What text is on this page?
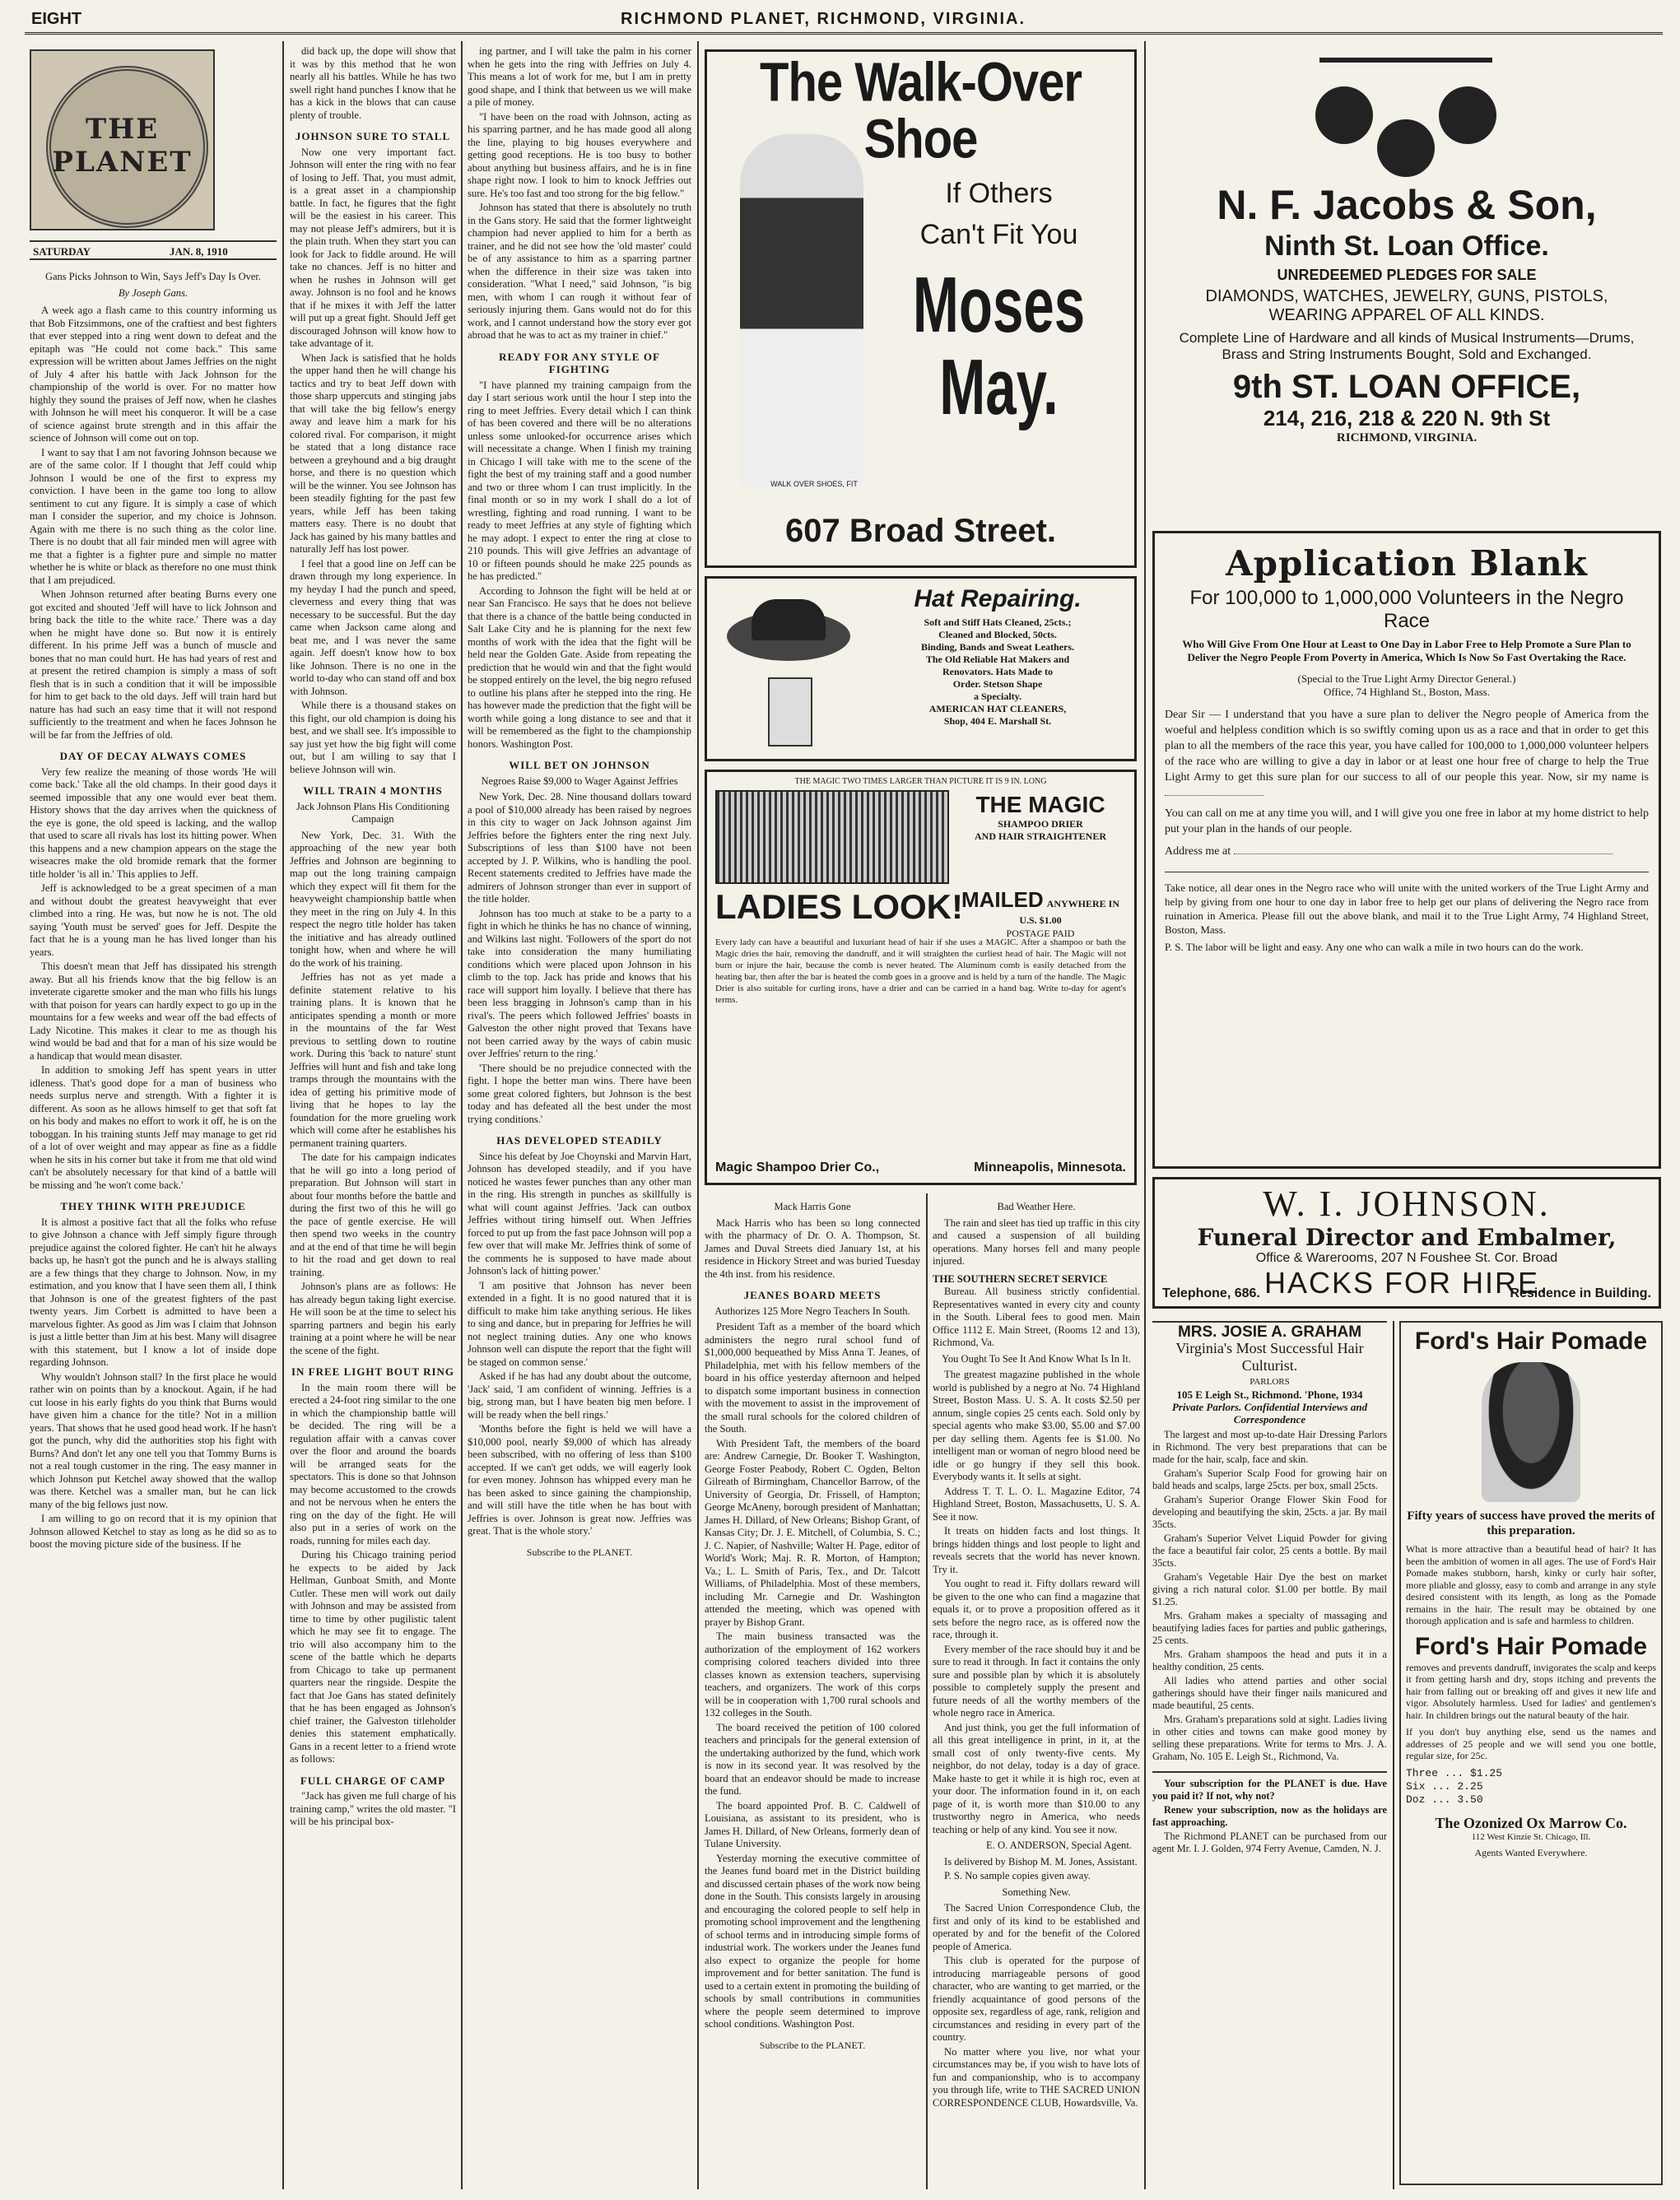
EIGHT	RICHMOND PLANET, RICHMOND, VIRGINIA.
THE PLANET
SATURDAY	JAN. 8, 1910
Gans Picks Johnson to Win, Says Jeff's Day Is Over.
By Joseph Gans.

A week ago a flash came to this country informing us that Bob Fitzsimmons, one of the craftiest and best fighters that ever stepped into a ring went down to defeat and the epitaph was "He could not come back." This same expression will be written about James Jeffries on the night of July 4 after his battle with Jack Johnson for the championship of the world is over. For no matter how highly they sound the praises of Jeff now, when he clashes with Johnson he will meet his conqueror. It will be a case of science against brute strength and in this affair the science of Johnson will come out on top.

I want to say that I am not favoring Johnson because we are of the same color. If I thought that Jeff could whip Johnson I would be one of the first to express my conviction. I have been in the game too long to allow sentiment to cut any figure. It is simply a case of which man I consider the superior, and my choice is Johnson. Again with me there is no such thing as the color line. There is no doubt that all fair minded men will agree with me that a fighter is a fighter pure and simple no matter whether he is white or black as therefore no one must think that I am prejudiced.

When Johnson returned after beating Burns every one got excited and shouted 'Jeff will have to lick Johnson and bring back the title to the white race.' There was a day when he might have done so. But now it is entirely different. In his prime Jeff was a bunch of muscle and bones that no man could hurt. He has had years of rest and at present the retired champion is simply a mass of soft flesh that is in such a condition that it will be impossible for him to get back to the old days. Jeff will train hard but nature has had such an easy time that it will not respond sufficiently to the treatment and when he faces Johnson he will be far from the Jeffries of old.

DAY OF DECAY ALWAYS COMES

Very few realize the meaning of those words 'He will come back.' Take all the old champs. In their good days it seemed impossible that any one would ever beat them. History shows that the day arrives when the quickness of the eye is gone, the old speed is lacking, and the wallop that used to scare all rivals has lost its hitting power. When this happens and a new champion appears on the stage the wiseacres make the old bromide remark that the former title holder 'is all in.' This applies to Jeff.

Jeff is acknowledged to be a great specimen of a man and without doubt the greatest heavyweight that ever climbed into a ring. He was, but now he is not. The old saying 'Youth must be served' goes for Jeff. Despite the fact that he is a young man he has lived longer than his years.

This doesn't mean that Jeff has dissipated his strength away. But all his friends know that the big fellow is an inveterate cigarette smoker and the man who fills his lungs with that poison for years can hardly expect to go up in the mountains for a few weeks and wear off the bad effects of Lady Nicotine. This makes it clear to me as though his wind would be bad and that for a man of his size would be a handicap that would mean disaster.

In addition to smoking Jeff has spent years in utter idleness. That's good dope for a man of business who needs surplus nerve and strength. With a fighter it is different. As soon as he allows himself to get that soft fat on his body and makes no effort to work it off, he is on the toboggan. In his training stunts Jeff may manage to get rid of a lot of over weight and may appear as fine as a fiddle when he sits in his corner but take it from me that old wind can't be absolutely necessary for that kind of a battle will be missing and 'he won't come back.'

THEY THINK WITH PREJUDICE

It is almost a positive fact that all the folks who refuse to give Johnson a chance with Jeff simply figure through prejudice against the colored fighter. He can't hit he always backs up, he hasn't got the punch and he is always stalling are a few things that they charge to Johnson. Now, in my estimation, and you know that I have seen them all, I think that Johnson is one of the greatest fighters of the past twenty years. Jim Corbett is admitted to have been a marvelous fighter. As good as Jim was I claim that Johnson is just a little better than Jim at his best. Many will disagree with this statement, but I know a lot of inside dope regarding Johnson.

Why wouldn't Johnson stall? In the first place he would rather win on points than by a knockout. Again, if he had cut loose in his early fights do you think that Burns would have given him a chance for the title? Not in a million years. That shows that he used good head work. If he hasn't got the punch, why did the authorities stop his fight with Burns? And don't let any one tell you that Tommy Burns is not a real tough customer in the ring. The easy manner in which Johnson put Ketchel away showed that the wallop was there. Ketchel was a smaller man, but he can lick many of the big fellows just now.

I am willing to go on record that it is my opinion that Johnson allowed Ketchel to stay as long as he did so as to boost the moving picture side of the business. If he

did back up, the dope will show that it was by this method that he won nearly all his battles. While he has two swell right hand punches I know that he has a kick in the blows that can cause plenty of trouble.

JOHNSON SURE TO STALL

Now one very important fact. Johnson will enter the ring with no fear of losing to Jeff. That, you must admit, is a great asset in a championship battle. In fact, he figures that the fight will be the easiest in his career. This may not please Jeff's admirers, but it is the plain truth. When they start you can look for Jack to fiddle around. He will take no chances. Jeff is no hitter and when he rushes in Johnson will get away. Johnson is no fool and he knows that if he mixes it with Jeff the latter will put up a great fight. Should Jeff get discouraged Johnson will know how to take advantage of it.

When Jack is satisfied that he holds the upper hand then he will change his tactics and try to beat Jeff down with those sharp uppercuts and stinging jabs that will take the big fellow's energy away and leave him a mark for his colored rival. For comparison, it might be stated that a long distance race between a greyhound and a big draught horse, and there is no question which will be the winner. You see Johnson has been steadily fighting for the past few years, while Jeff has been taking matters easy. There is no doubt that Jack has gained by his many battles and naturally Jeff has lost power.

I feel that a good line on Jeff can be drawn through my long experience. In my heyday I had the punch and speed, cleverness and every thing that was necessary to be successful. But the day came when Jackson came along and beat me, and I was never the same again. Jeff doesn't know how to box like Johnson. There is no one in the world to-day who can stand off and box with Johnson.

While there is a thousand stakes on this fight, our old champion is doing his best, and we shall see. It's impossible to say just yet how the big fight will come out, but I am willing to say that I believe Johnson will win.

WILL TRAIN 4 MONTHS
Jack Johnson Plans His Conditioning Campaign

New York, Dec. 31. With the approaching of the new year both Jeffries and Johnson are beginning to map out the long training campaign which they expect will fit them for the heavyweight championship battle when they meet in the ring on July 4. In this respect the negro title holder has taken the initiative and has already outlined tonight how, when and where he will do the work of his training.

Jeffries has not as yet made a definite statement relative to his training plans. It is known that he anticipates spending a month or more in the mountains of the far West previous to settling down to routine work. During this 'back to nature' stunt Jeffries will hunt and fish and take long tramps through the mountains with the idea of getting his primitive mode of living that he hopes to lay the foundation for the more grueling work which will come after he establishes his permanent training quarters.

The date for his campaign indicates that he will go into a long period of preparation. But Johnson will start in about four months before the battle and during the first two of this he will go the pace of gentle exercise. He will then spend two weeks in the country and at the end of that time he will begin to hit the road and get down to real training.

Johnson's plans are as follows: He has already begun taking light exercise. He will soon be at the time to select his sparring partners and begin his early training at a point where he will be near the scene of the fight.

IN FREE LIGHT BOUT RING

In the main room there will be erected a 24-foot ring similar to the one in which the championship battle will be decided. The ring will be a regulation affair with a canvas cover over the floor and around the boards will be arranged seats for the spectators. This is done so that Johnson may become accustomed to the crowds and not be nervous when he enters the ring on the day of the fight. He will also put in a series of work on the roads, running for miles each day.

During his Chicago training period he expects to be aided by Jack Hellman, Gunboat Smith, and Monte Cutler. These men will work out daily with Johnson and may be assisted from time to time by other pugilistic talent which he may see fit to engage. The trio will also accompany him to the scene of the battle which he departs from Chicago to take up permanent quarters near the ringside. Despite the fact that Joe Gans has stated definitely that he has been engaged as Johnson's chief trainer, the Galveston titleholder denies this statement emphatically. Gans in a recent letter to a friend wrote as follows:

FULL CHARGE OF CAMP

"Jack has given me full charge of his training camp," writes the old master. "I will be his principal box-

ing partner, and I will take the palm in his corner when he gets into the ring with Jeffries on July 4. This means a lot of work for me, but I am in pretty good shape, and I think that between us we will make a pile of money.

"I have been on the road with Johnson, acting as his sparring partner, and he has made good all along the line, playing to big houses everywhere and getting good receptions. He is too busy to bother about anything but business affairs, and he is in fine shape right now. I look to him to knock Jeffries out sure. He's too fast and too strong for the big fellow."

Johnson has stated that there is absolutely no truth in the Gans story. He said that the former lightweight champion had never applied to him for a berth as trainer, and he did not see how the 'old master' could be of any assistance to him as a sparring partner when the difference in their size was taken into consideration. "What I need," said Johnson, "is big men, with whom I can rough it without fear of seriously injuring them. Gans would not do for this work, and I cannot understand how the story ever got abroad that he was to act as my trainer in chief."

READY FOR ANY STYLE OF FIGHTING

"I have planned my training campaign from the day I start serious work until the hour I step into the ring to meet Jeffries. Every detail which I can think of has been covered and there will be no alterations unless some unlooked-for occurrence arises which will necessitate a change. When I finish my training in Chicago I will take with me to the scene of the fight the best of my training staff and a good number and two or three whom I can trust implicitly. In the final month or so in my work I shall do a lot of wrestling, fighting and road running. I want to be ready to meet Jeffries at any style of fighting which he may adopt. I expect to enter the ring at close to 210 pounds. This will give Jeffries an advantage of 10 or fifteen pounds should he make 225 pounds as he has predicted."

According to Johnson the fight will be held at or near San Francisco. He says that he does not believe that there is a chance of the battle being conducted in Salt Lake City and he is planning for the next few months of work with the idea that the fight will be held near the Golden Gate. Aside from repeating the prediction that he would win and that the fight would be stopped entirely on the level, the big negro refused to outline his plans after he stepped into the ring. He has however made the prediction that the fight will be worth while going a long distance to see and that it will be remembered as the fight to the championship honors. Washington Post.

WILL BET ON JOHNSON
Negroes Raise $9,000 to Wager Against Jeffries

New York, Dec. 28. Nine thousand dollars toward a pool of $10,000 already has been raised by negroes in this city to wager on Jack Johnson against Jim Jeffries before the fighters enter the ring next July. Subscriptions of less than $100 have not been accepted by J. P. Wilkins, who is handling the pool. Recent statements credited to Jeffries have made the admirers of Johnson stronger than ever in support of the title holder.

Johnson has too much at stake to be a party to a fight in which he thinks he has no chance of winning, and Wilkins last night. 'Followers of the sport do not take into consideration the many humiliating conditions which were placed upon Johnson in his climb to the top. Jack has pride and knows that his race will support him loyally. I believe that there has been less bragging in Johnson's camp than in his rival's. The peers which followed Jeffries' boasts in Galveston the other night proved that Texans have not been carried away by the ways of cabin music over Jeffries' return to the ring.'

'There should be no prejudice connected with the fight. I hope the better man wins. There have been some great colored fighters, but Johnson is the best today and has defeated all the best under the most trying conditions.'

HAS DEVELOPED STEADILY

Since his defeat by Joe Choynski and Marvin Hart, Johnson has developed steadily, and if you have noticed he wastes fewer punches than any other man in the ring. His strength in punches as skillfully is what will count against Jeffries. 'Jack can outbox Jeffries without tiring himself out. When Jeffries forced to put up from the fast pace Johnson will pop a few over that will make Mr. Jeffries think of some of the comments he is supposed to have made about Johnson's lack of hitting power.'

'I am positive that Johnson has never been extended in a fight. It is no good natured that it is difficult to make him take anything serious. He likes to sing and dance, but in preparing for Jeffries he will not neglect training duties. Any one who knows Johnson well can dispute the report that the fight will be staged on common sense.'

Asked if he has had any doubt about the outcome, 'Jack' said, 'I am confident of winning. Jeffries is a big, strong man, but I have beaten big men before. I will be ready when the bell rings.'

'Months before the fight is held we will have a $10,000 pool, nearly $9,000 of which has already been subscribed, with no offering of less than $100 accepted. If we can't get odds, we will eagerly look for even money. Johnson has whipped every man he has been asked to since gaining the championship, and will still have the title when he has bout with Jeffries is over. Johnson is great now. Jeffries was great. That is the whole story.'

Subscribe to the PLANET.
The Walk-Over Shoe
WALK OVER SHOES, FIT
If Others
Can't Fit You
Moses
May.
607 Broad Street.
Hat Repairing.
Soft and Stiff Hats Cleaned, 25cts.;
Cleaned and Blocked, 50cts.
Binding, Bands and Sweat Leathers.
The Old Reliable Hat Makers and
Renovators. Hats Made to
Order. Stetson Shape
a Specialty.
AMERICAN HAT CLEANERS,
Shop, 404 E. Marshall St.
THE MAGIC TWO TIMES LARGER THAN PICTURE IT IS 9 IN. LONG
THE MAGIC
SHAMPOO DRIER
AND HAIR STRAIGHTENER
LADIES LOOK!
MAILED ANYWHERE IN U.S. $1.00
POSTAGE PAID
Every lady can have a beautiful and luxuriant head of hair if she uses a MAGIC. After a shampoo or bath the Magic dries the hair, removing the dandruff, and it will straighten the curliest head of hair. The Magic will not burn or injure the hair, because the comb is never heated. The Aluminum comb is easily detached from the heating bar, then after the bar is heated the comb goes in a groove and is held by a turn of the handle. The Magic Drier is also suitable for curling irons, have a drier and can be carried in a hand bag. Write to-day for agent's terms.
Magic Shampoo Drier Co.,	Minneapolis, Minnesota.
Mack Harris Gone

Mack Harris who has been so long connected with the pharmacy of Dr. O. A. Thompson, St. James and Duval Streets died January 1st, at his residence in Hickory Street and was buried Tuesday the 4th inst. from his residence.

JEANES BOARD MEETS
Authorizes 125 More Negro Teachers In South.

President Taft as a member of the board which administers the negro rural school fund of $1,000,000 bequeathed by Miss Anna T. Jeanes, of Philadelphia, met with his fellow members of the board in his office yesterday afternoon and helped to dispatch some important business in connection with the movement to assist in the improvement of the small rural schools for the colored children of the South.

With President Taft, the members of the board are: Andrew Carnegie, Dr. Booker T. Washington, George Foster Peabody, Robert C. Ogden, Belton Gilreath of Birmingham, Chancellor Barrow, of the University of Georgia, Dr. Frissell, of Hampton; George McAneny, borough president of Manhattan; James H. Dillard, of New Orleans; Bishop Grant, of Kansas City; Dr. J. E. Mitchell, of Columbia, S. C.; J. C. Napier, of Nashville; Walter H. Page, editor of World's Work; Maj. R. R. Morton, of Hampton; Va.; L. L. Smith of Paris, Tex., and Dr. Talcott Williams, of Philadelphia. Most of these members, including Mr. Carnegie and Dr. Washington attended the meeting, which was opened with prayer by Bishop Grant.

The main business transacted was the authorization of the employment of 162 workers comprising colored teachers divided into three classes known as extension teachers, supervising teachers, and organizers. The work of this corps will be in cooperation with 1,700 rural schools and 132 colleges in the South.

The board received the petition of 100 colored teachers and principals for the general extension of the undertaking authorized by the fund, which work is now in its second year. It was resolved by the board that an endeavor should be made to increase the fund.

The board appointed Prof. B. C. Caldwell of Louisiana, as assistant to its president, who is James H. Dillard, of New Orleans, formerly dean of Tulane University.

Yesterday morning the executive committee of the Jeanes fund board met in the District building and discussed certain phases of the work now being done in the South. This consists largely in arousing and encouraging the colored people to self help in promoting school improvement and the lengthening of school terms and in introducing simple forms of industrial work. The workers under the Jeanes fund also expect to organize the people for home improvement and for better sanitation. The fund is used to a certain extent in promoting the building of schools by small contributions in communities where the people seem determined to improve school conditions. Washington Post.

Subscribe to the PLANET.
Bad Weather Here.

The rain and sleet has tied up traffic in this city and caused a suspension of all building operations. Many horses fell and many people injured.

THE SOUTHERN SECRET SERVICE

Bureau. All business strictly confidential. Representatives wanted in every city and county in the South. Liberal fees to good men. Main Office 1112 E. Main Street, (Rooms 12 and 13), Richmond, Va.

You Ought To See It And Know What Is In It.

The greatest magazine published in the whole world is published by a negro at No. 74 Highland Street, Boston Mass. U. S. A. It costs $2.50 per annum, single copies 25 cents each. Sold only by special agents who make $3.00, $5.00 and $7.00 per day selling them. Agents fee is $1.00. No intelligent man or woman of negro blood need be idle or go hungry if they sell this book. Everybody wants it. It sells at sight.

Address T. T. L. O. L. Magazine Editor, 74 Highland Street, Boston, Massachusetts, U. S. A. See it now.

It treats on hidden facts and lost things. It brings hidden things and lost people to light and reveals secrets that the world has never known. Try it.

You ought to read it. Fifty dollars reward will be given to the one who can find a magazine that equals it, or to prove a proposition offered as it sets before the negro race, as is offered now the race, through it.

Every member of the race should buy it and be sure to read it through. In fact it contains the only sure and possible plan by which it is absolutely possible to completely supply the present and future needs of all the worthy members of the whole negro race in America.

And just think, you get the full information of all this great intelligence in print, in it, at the small cost of only twenty-five cents. My neighbor, do not delay, today is a day of grace. Make haste to get it while it is high roc, even at your door. The information found in it, on each page of it, is worth more than $10.00 to any trustworthy negro in America, who needs teaching or help of any kind. You see it now.

E. O. ANDERSON, Special Agent.

Is delivered by Bishop M. M. Jones, Assistant.

P. S. No sample copies given away.

Something New.

The Sacred Union Correspondence Club, the first and only of its kind to be established and operated by and for the benefit of the Colored people of America.

This club is operated for the purpose of introducing marriageable persons of good character, who are wanting to get married, or the friendly acquaintance of good persons of the opposite sex, regardless of age, rank, religion and circumstances and residing in every part of the country.

No matter where you live, nor what your circumstances may be, if you wish to have lots of fun and companionship, who is to accompany you through life, write to THE SACRED UNION CORRESPONDENCE CLUB, Howardsville, Va.

N. F. Jacobs & Son,
Ninth St. Loan Office.
UNREDEEMED PLEDGES FOR SALE
DIAMONDS, WATCHES, JEWELRY, GUNS, PISTOLS, WEARING APPAREL OF ALL KINDS.
Complete Line of Hardware and all kinds of Musical Instruments—Drums, Brass and String Instruments Bought, Sold and Exchanged.
9th ST. LOAN OFFICE,
214, 216, 218 & 220 N. 9th St
RICHMOND, VIRGINIA.
Application Blank
For 100,000 to 1,000,000 Volunteers in the Negro Race
Who Will Give From One Hour at Least to One Day in Labor Free to Help Promote a Sure Plan to Deliver the Negro People From Poverty in America, Which Is Now So Fast Overtaking the Race.
(Special to the True Light Army Director General.)
Office, 74 Highland St., Boston, Mass.
Dear Sir — I understand that you have a sure plan to deliver the Negro people of America from the woeful and helpless condition which is so swiftly coming upon us as a race and that in order to get this plan to all the members of the race this year, you have called for 100,000 to 1,000,000 volunteer helpers of the race who are willing to give a day in labor or at least one hour free of charge to help the True Light Army to get this sure plan for our success to all of our people this year. Now, sir my name is
You can call on me at any time you will, and I will give you one free in labor at my home district to help put your plan in the hands of our people.
Address me at
Take notice, all dear ones in the Negro race who will unite with the united workers of the True Light Army and help by giving from one hour to one day in labor free to help get our plans of delivering the Negro race from ruination in America. Please fill out the above blank, and mail it to the True Light Army, 74 Highland Street, Boston, Mass.
P. S. The labor will be light and easy. Any one who can walk a mile in two hours can do the work.
W. I. JOHNSON.
Funeral Director and Embalmer,
Office & Warerooms, 207 N Foushee St. Cor. Broad
HACKS FOR HIRE.
MRS. JOSIE A. GRAHAM
Virginia's Most Successful Hair Culturist.
PARLORS
105 E Leigh St., Richmond. 'Phone, 1934
Private Parlors. Confidential Interviews and Correspondence

The largest and most up-to-date Hair Dressing Parlors in Richmond. The very best preparations that can be made for the hair, scalp, face and skin.

Graham's Superior Scalp Food for growing hair on bald heads and scalps, large 25cts. per box, small 25cts.

Graham's Superior Orange Flower Skin Food for developing and beautifying the skin, 25cts. a jar. By mail 35cts.

Graham's Superior Velvet Liquid Powder for giving the face a beautiful fair color, 25 cents a bottle. By mail 35cts.

Graham's Vegetable Hair Dye the best on market giving a rich natural color. $1.00 per bottle. By mail $1.25.

Mrs. Graham makes a specialty of massaging and beautifying ladies faces for parties and public gatherings, 25 cents.

Mrs. Graham shampoos the head and puts it in a healthy condition, 25 cents.

All ladies who attend parties and other social gatherings should have their finger nails manicured and made beautiful, 25 cents.

Mrs. Graham's preparations sold at sight. Ladies living in other cities and towns can make good money by selling these preparations. Write for terms to Mrs. J. A. Graham, No. 105 E. Leigh St., Richmond, Va.

Your subscription for the PLANET is due. Have you paid it? If not, why not?

Renew your subscription, now as the holidays are fast approaching.

The Richmond PLANET can be purchased from our agent Mr. I. J. Golden, 974 Ferry Avenue, Camden, N. J.

Ford's Hair Pomade
Fifty years of success have proved the merits of this preparation.
What is more attractive than a beautiful head of hair? It has been the ambition of women in all ages. The use of Ford's Hair Pomade makes stubborn, harsh, kinky or curly hair softer, more pliable and glossy, easy to comb and arrange in any style desired consistent with its length, as long as the Pomade remains in the hair. The result may be obtained by one thorough application and is safe and harmless to children.
Ford's Hair Pomade
removes and prevents dandruff, invigorates the scalp and keeps it from getting harsh and dry, stops itching and prevents the hair from falling out or breaking off and gives it new life and vigor. Absolutely harmless. Used for ladies' and gentlemen's hair. In children brings out the natural beauty of the hair.
If you don't buy anything else, send us the names and addresses of 25 people and we will send you one bottle, regular size, for 25c.
Three ... $1.25
Six ... 2.25
Doz ... 3.50
The Ozonized Ox Marrow Co.
112 West Kinzie St. Chicago, Ill.
Agents Wanted Everywhere.
Telephone, 686.	Residence in Building.
